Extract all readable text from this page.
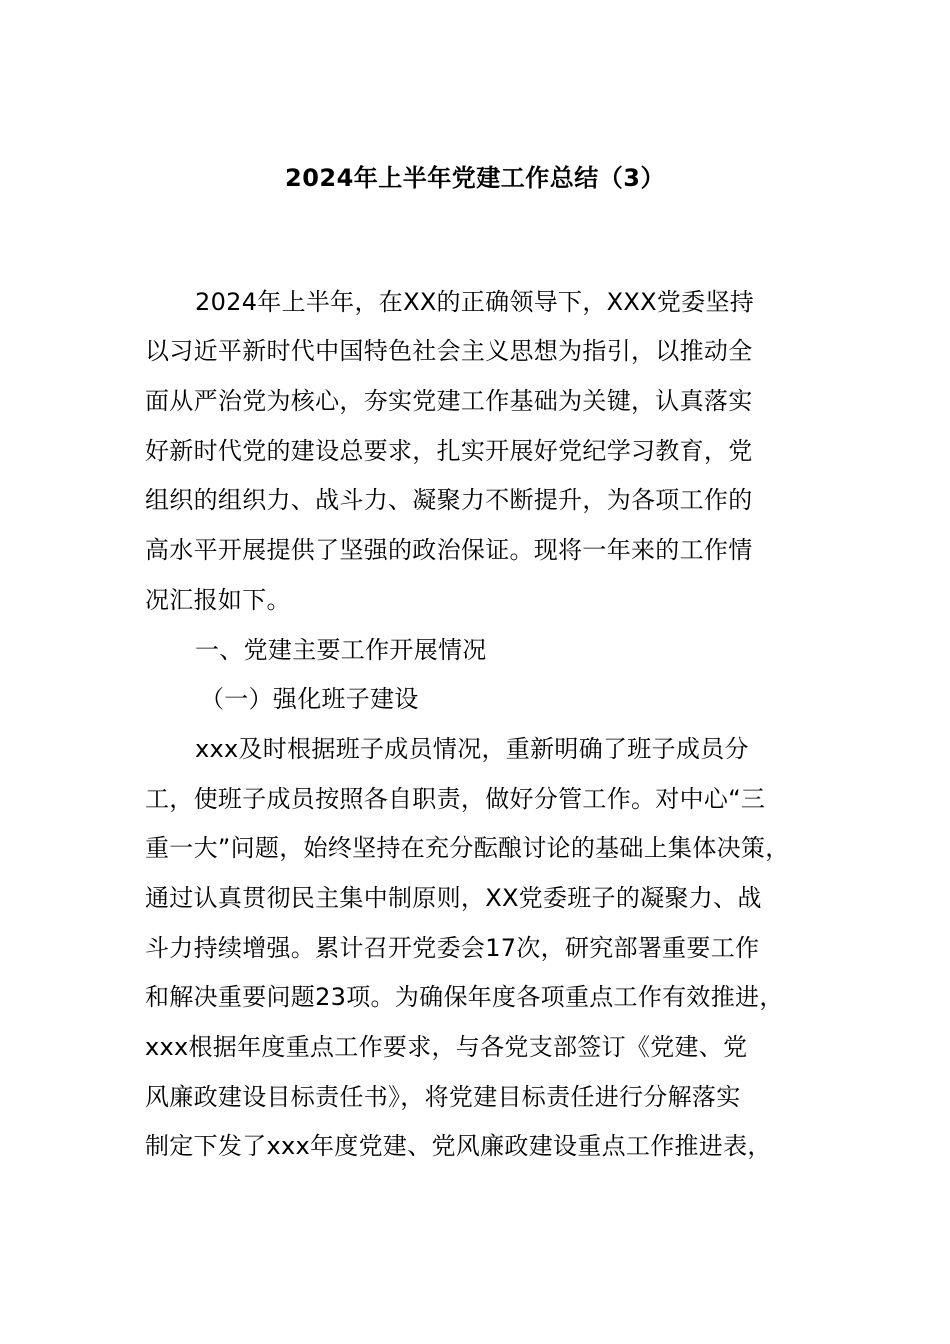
2024年上半年党建工作总结（3）
2024年上半年，在XX的正确领导下，XXX党委坚持
以习近平新时代中国特色社会主义思想为指引，以推动全
面从严治党为核心，夯实党建工作基础为关键，认真落实
好新时代党的建设总要求，扎实开展好党纪学习教育，党
组织的组织力、战斗力、凝聚力不断提升，为各项工作的
高水平开展提供了坚强的政治保证。现将一年来的工作情
况汇报如下。
一、党建主要工作开展情况
（一）强化班子建设
xxx及时根据班子成员情况，重新明确了班子成员分
工，使班子成员按照各自职责，做好分管工作。对中心“三
重一大”问题，始终坚持在充分酝酿讨论的基础上集体决策，
通过认真贯彻民主集中制原则，XX党委班子的凝聚力、战
斗力持续增强。累计召开党委会17次，研究部署重要工作
和解决重要问题23项。为确保年度各项重点工作有效推进，
xxx根据年度重点工作要求，与各党支部签订《党建、党
风廉政建设目标责任书》，将党建目标责任进行分解落实
制定下发了xxx年度党建、党风廉政建设重点工作推进表，
